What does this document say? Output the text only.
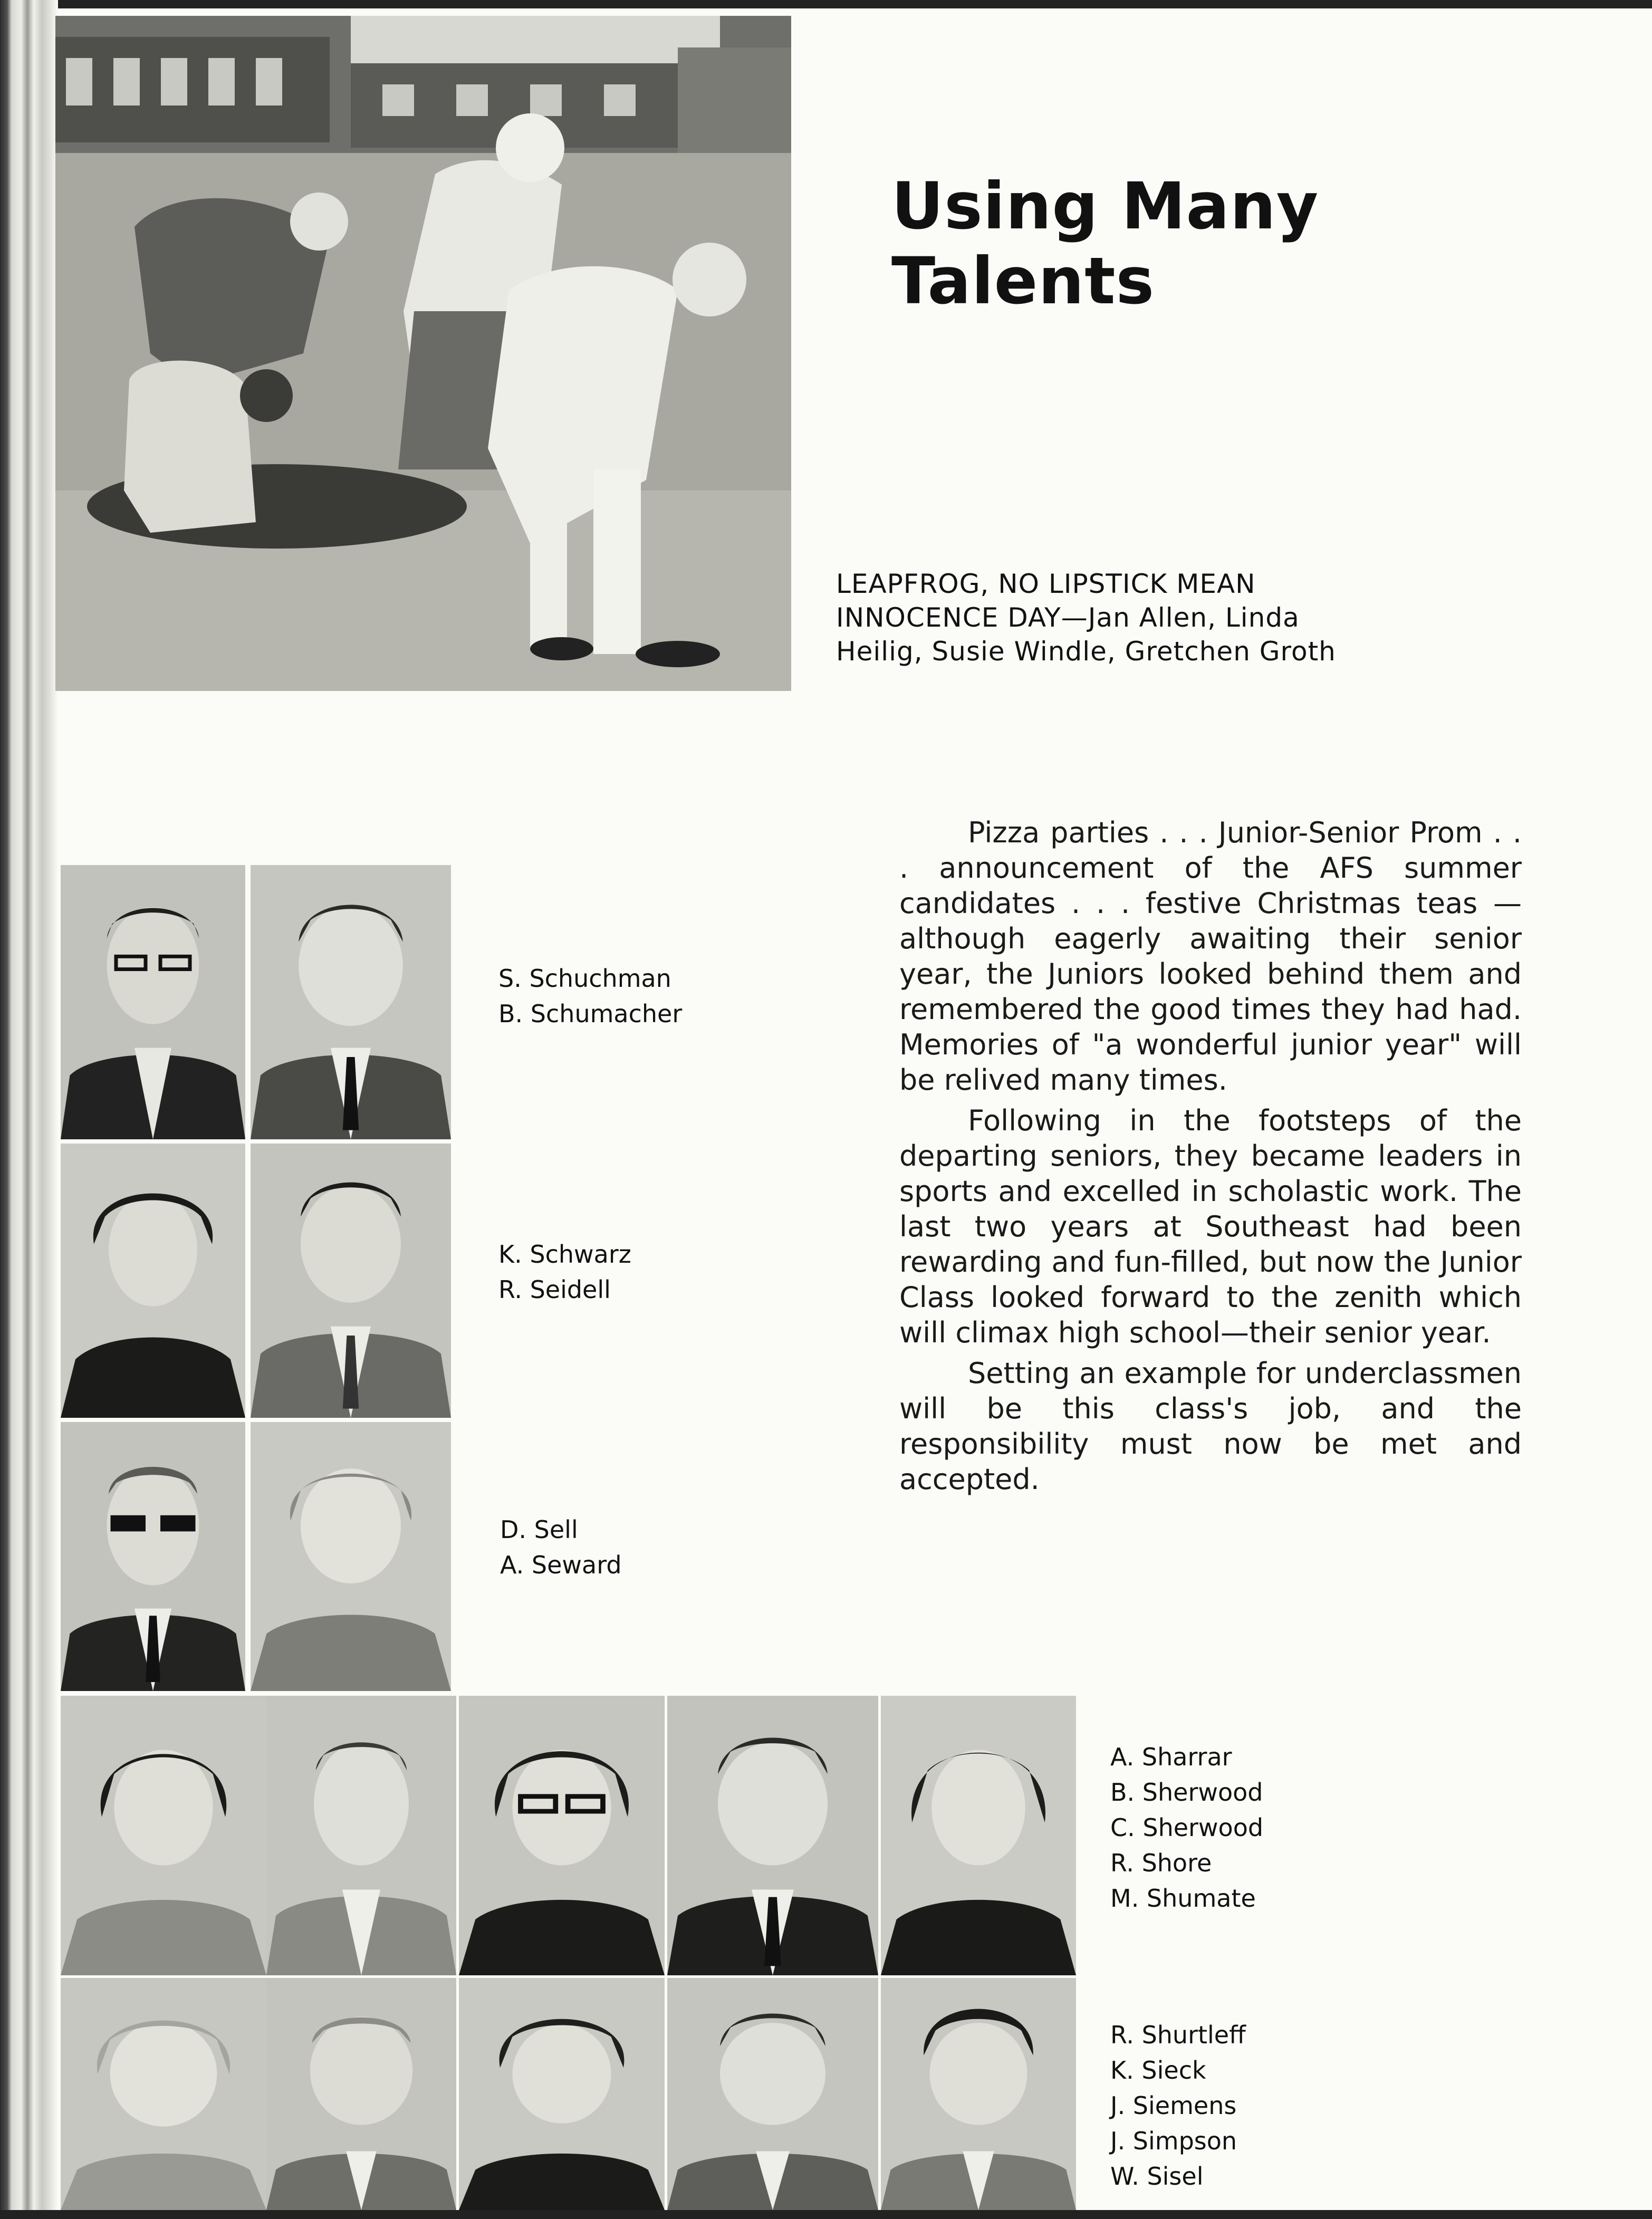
Using Many Talents
LEAPFROG, NO LIPSTICK MEAN
INNOCENCE DAY—Jan Allen, Linda
Heilig, Susie Windle, Gretchen Groth

Pizza parties . . . Junior-Senior Prom . . . announcement of the AFS summer candidates . . . festive Christmas teas — although eagerly awaiting their senior year, the Juniors looked behind them and remembered the good times they had had. Memories of "a wonderful junior year" will be relived many times.

Following in the footsteps of the departing seniors, they became leaders in sports and excelled in scholastic work. The last two years at Southeast had been rewarding and fun-filled, but now the Junior Class looked forward to the zenith which will climax high school—their senior year.

Setting an example for underclassmen will be this class's job, and the responsibility must now be met and accepted.

S. Schuchman
B. Schumacher
K. Schwarz
R. Seidell
D. Sell
A. Seward
A. Sharrar
B. Sherwood
C. Sherwood
R. Shore
M. Shumate
R. Shurtleff
K. Sieck
J. Siemens
J. Simpson
W. Sisel
